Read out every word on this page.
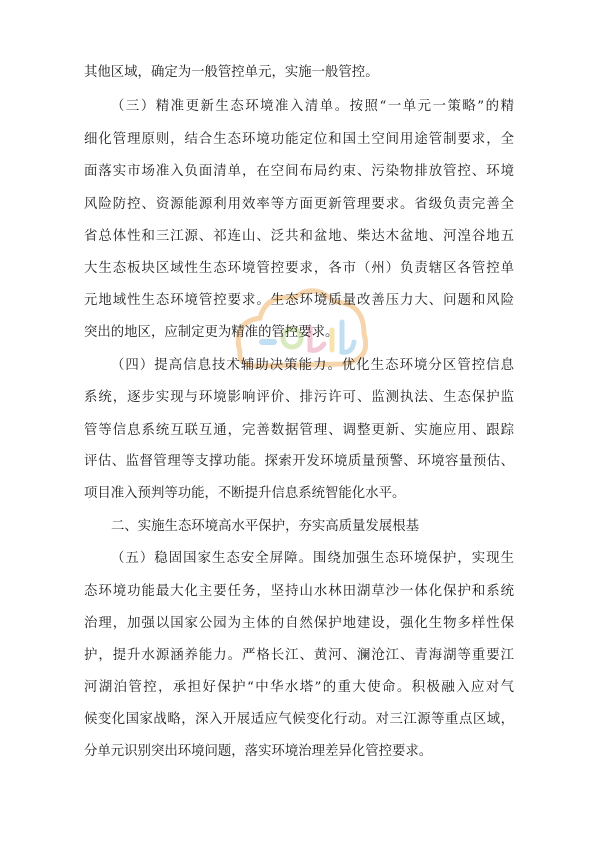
其他区域，确定为一般管控单元，实施一般管控。
（三）精准更新生态环境准入清单。按照“一单元一策略”的精
细化管理原则，结合生态环境功能定位和国土空间用途管制要求，全
面落实市场准入负面清单，在空间布局约束、污染物排放管控、环境
风险防控、资源能源利用效率等方面更新管理要求。省级负责完善全
省总体性和三江源、祁连山、泛共和盆地、柴达木盆地、河湟谷地五
大生态板块区域性生态环境管控要求，各市（州）负责辖区各管控单
元地域性生态环境管控要求。生态环境质量改善压力大、问题和风险
突出的地区，应制定更为精准的管控要求。
（四）提高信息技术辅助决策能力。优化生态环境分区管控信息
系统，逐步实现与环境影响评价、排污许可、监测执法、生态保护监
管等信息系统互联互通，完善数据管理、调整更新、实施应用、跟踪
评估、监督管理等支撑功能。探索开发环境质量预警、环境容量预估、
项目准入预判等功能，不断提升信息系统智能化水平。
二、实施生态环境高水平保护，夯实高质量发展根基
（五）稳固国家生态安全屏障。围绕加强生态环境保护，实现生
态环境功能最大化主要任务，坚持山水林田湖草沙一体化保护和系统
治理，加强以国家公园为主体的自然保护地建设，强化生物多样性保
护，提升水源涵养能力。严格长江、黄河、澜沧江、青海湖等重要江
河湖泊管控，承担好保护“中华水塔”的重大使命。积极融入应对气
候变化国家战略，深入开展适应气候变化行动。对三江源等重点区域，
分单元识别突出环境问题，落实环境治理差异化管控要求。
